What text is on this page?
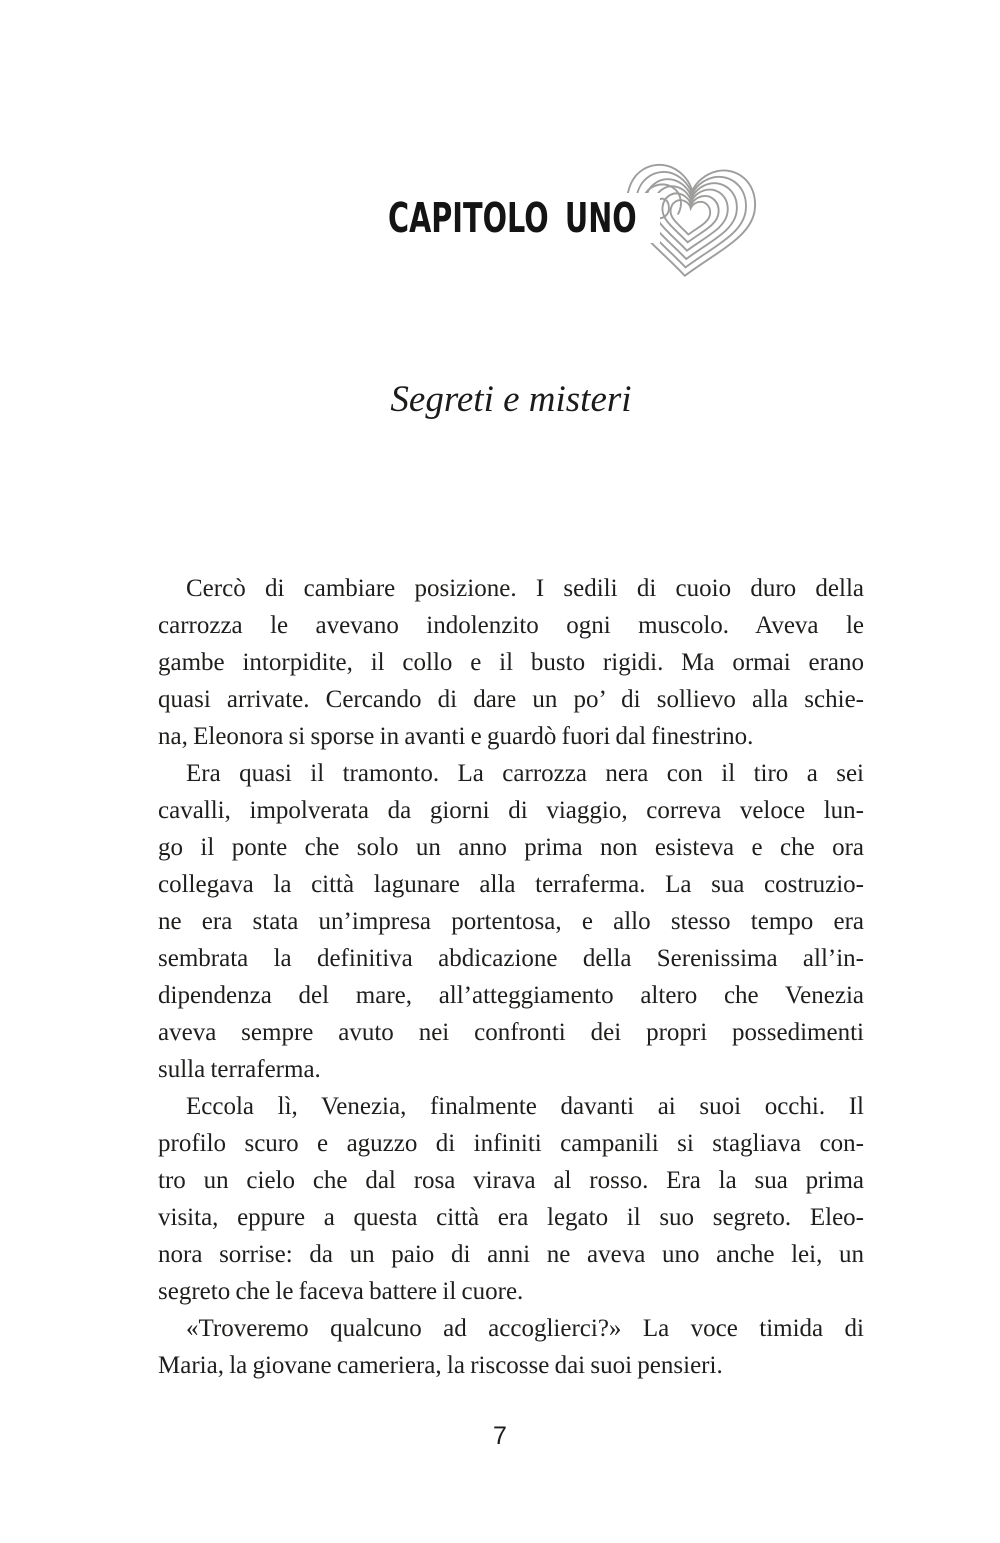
CAPITOLO UNO
Segreti e misteri
Cercò di cambiare posizione. I sedili di cuoio duro della
carrozza le avevano indolenzito ogni muscolo. Aveva le
gambe intorpidite, il collo e il busto rigidi. Ma ormai erano
quasi arrivate. Cercando di dare un po’ di sollievo alla schie-
na, Eleonora si sporse in avanti e guardò fuori dal finestrino.
Era quasi il tramonto. La carrozza nera con il tiro a sei
cavalli, impolverata da giorni di viaggio, correva veloce lun-
go il ponte che solo un anno prima non esisteva e che ora
collegava la città lagunare alla terraferma. La sua costruzio-
ne era stata un’impresa portentosa, e allo stesso tempo era
sembrata la definitiva abdicazione della Serenissima all’in-
dipendenza del mare, all’atteggiamento altero che Venezia
aveva sempre avuto nei confronti dei propri possedimenti
sulla terraferma.
Eccola lì, Venezia, finalmente davanti ai suoi occhi. Il
profilo scuro e aguzzo di infiniti campanili si stagliava con-
tro un cielo che dal rosa virava al rosso. Era la sua prima
visita, eppure a questa città era legato il suo segreto. Eleo-
nora sorrise: da un paio di anni ne aveva uno anche lei, un
segreto che le faceva battere il cuore.
«Troveremo qualcuno ad accoglierci?» La voce timida di
Maria, la giovane cameriera, la riscosse dai suoi pensieri.
7
